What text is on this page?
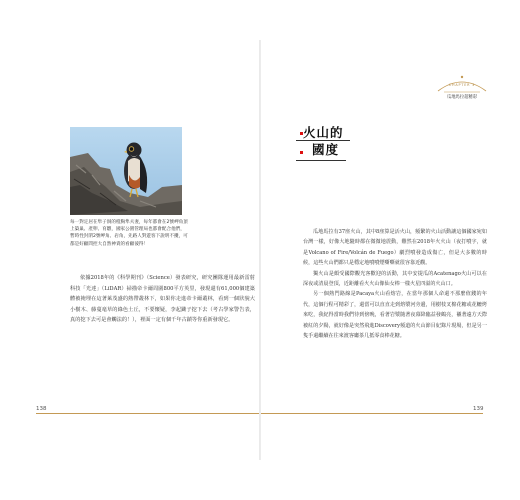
每一對定居在隼子洞的橙胸隼夫妻，每年都會在2號岬角頂上築巢、產卵、育雛，國家公園管理局也都會配合他們，暫時性封閉2號岬角、岩角，先路人對遊客下說明不擾，可都是好顧問控大自然神貴的看顧彼得！

依據2018年的《科學期刊》（Science）發表研究，研究團隊運用最新雷射科技「光達」（LiDAR）掃描帝卡爾周圍800平方英里，發現還有61,000個建築體被掩埋在這著萊茂盛的熱帶叢林下，如果你走進帝卡爾叢林，看到一個狀貌大小樹木、藤蔓毫草的綠色土丘，不要懷疑，李起鋤子挖下去（考古學家警告表，真的挖下去可是會觸法的！），裡面一定有個千年古蹟等你重新發現它。

138
CHAPTER 3
瓜地馬拉超精彩
火山的
國度

瓜地馬拉有37座火山，其中8座算是活火山，頻繁的火山活動讓這個國家宛如台灣一樣，好像大地隨時都在微微地震動，難然在2018年火火山（夜打噴字，就是Volcano of Fire/Volcán de Fuego）劇烈噴發造成傷亡，但是大多數的時候，這些火山們都只是穩定地噴噴煙嘶嘶就很容靠近觀。

獨火山是頗受國際觀光客歡迎的活動，其中安提瓜的Acatenago火山可以在深夜或清晨登頂，近距離看火火山像仙女棒一樣火星四溢的火山口。

另一個熱門路線是Pacaya火山看熔岩，在當年那個人命還不那麼值錢的年代，這個行程可精彩了，還當可以直直走到熔漿河旁邊，用樹枝叉棉花糖或花轆烤來吃，我紀得當時我們待到傍晚，看著岩漿隨著夜幕降臨益發鶴亮，襯著遠方天際被紅的夕陽，就好像是突然飛進Discovery頻道的火山節目紀錄片現場，但是另一隻手還繼續在往來渡客廳茶几抵零食棒花糖。

139
